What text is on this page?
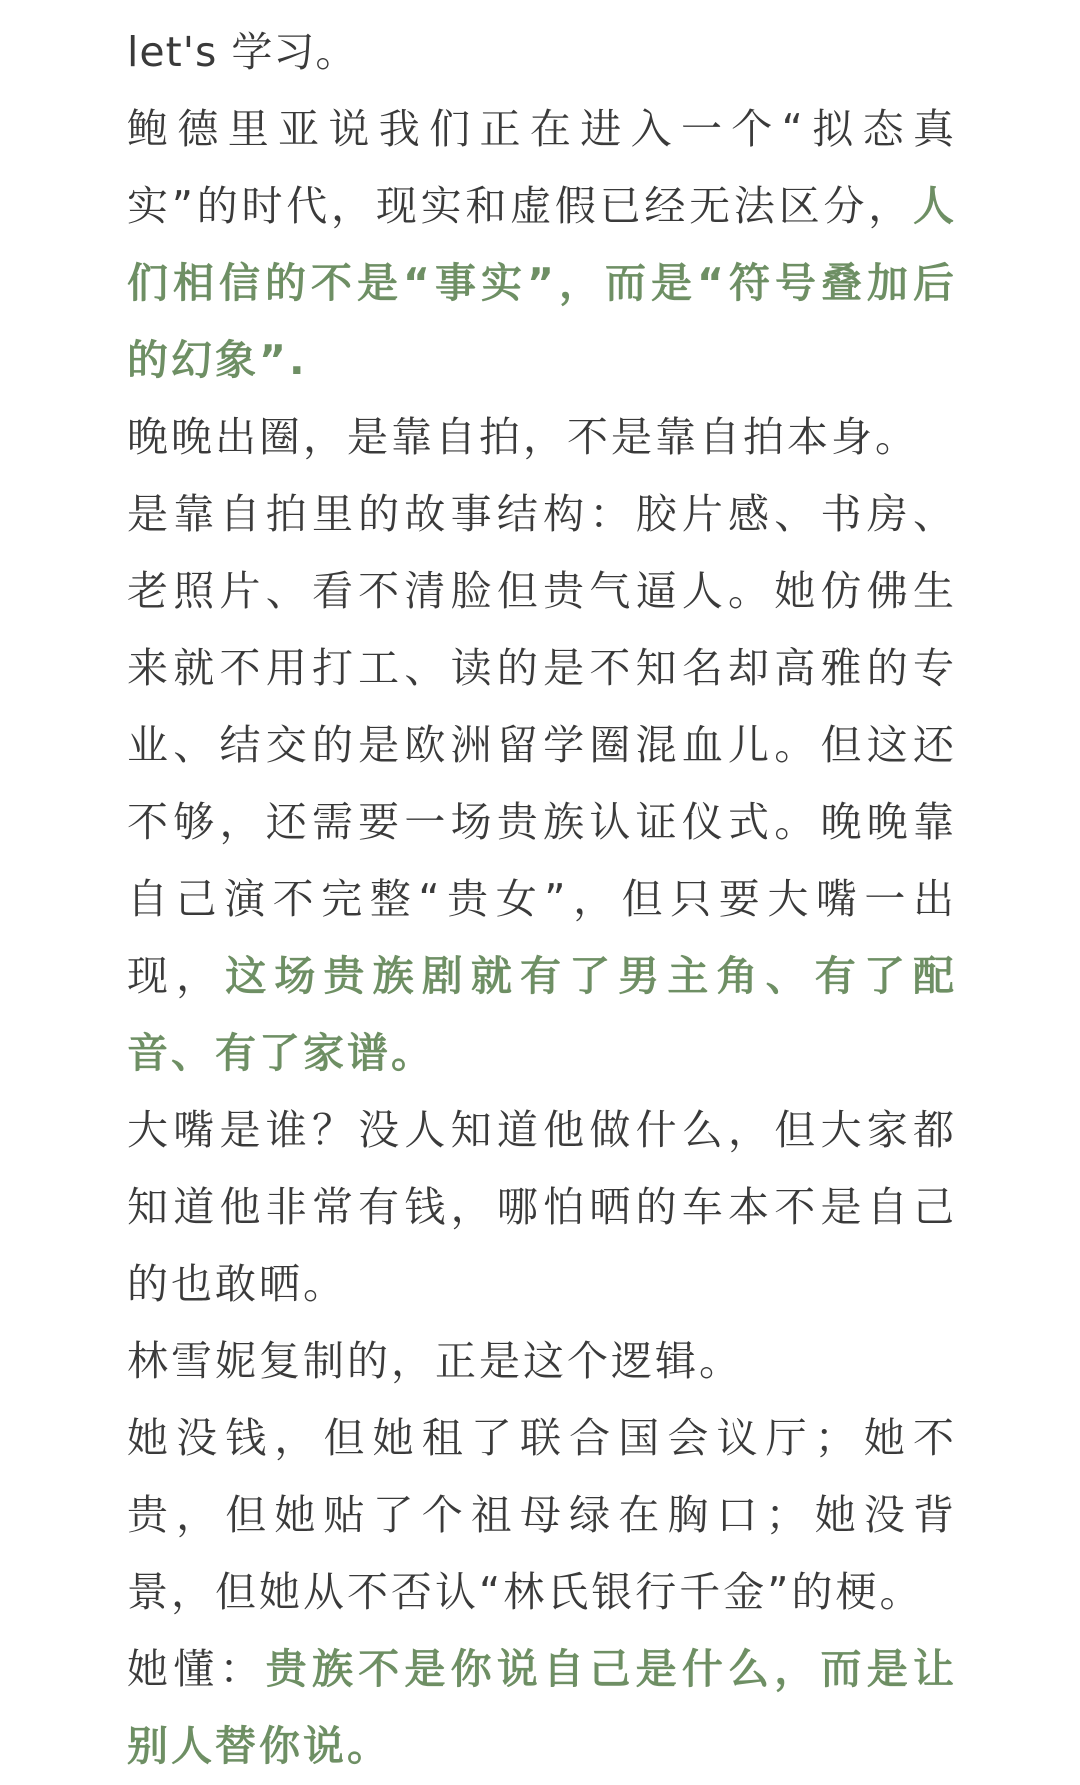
let's 学习。

鲍德里亚说我们正在进入一个“拟态真实”的时代，现实和虚假已经无法区分，人们相信的不是“事实”，而是“符号叠加后的幻象”.

晚晚出圈，是靠自拍，不是靠自拍本身。

是靠自拍里的故事结构：胶片感、书房、老照片、看不清脸但贵气逼人。她仿佛生来就不用打工、读的是不知名却高雅的专业、结交的是欧洲留学圈混血儿。但这还不够，还需要一场贵族认证仪式。晚晚靠自己演不完整“贵女”，但只要大嘴一出现，这场贵族剧就有了男主角、有了配音、有了家谱。

大嘴是谁？没人知道他做什么，但大家都知道他非常有钱，哪怕晒的车本不是自己的也敢晒。

林雪妮复制的，正是这个逻辑。

她没钱，但她租了联合国会议厅；她不贵，但她贴了个祖母绿在胸口；她没背景，但她从不否认“林氏银行千金”的梗。

她懂：贵族不是你说自己是什么，而是让别人替你说。
